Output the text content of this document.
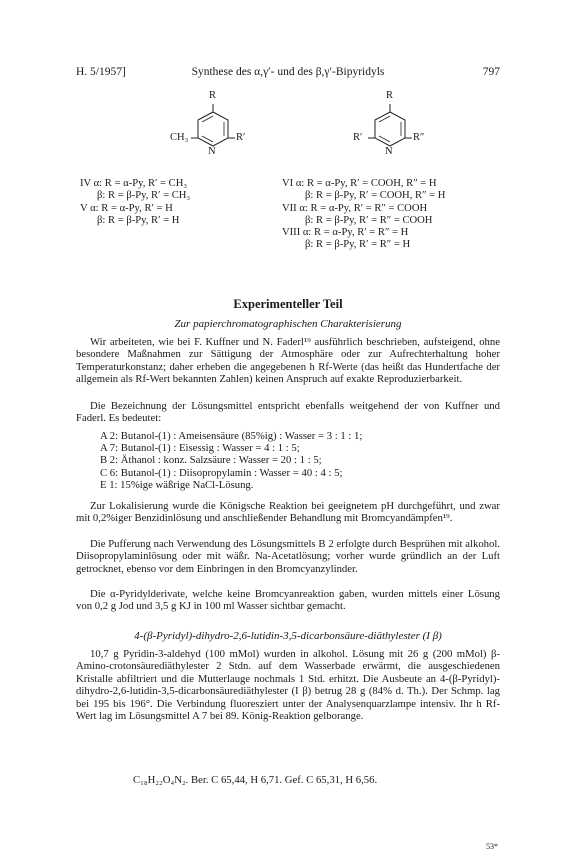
H. 5/1957]	Synthese des α,γ′- und des β,γ′-Bipyridyls	797
R
CH₃	R′
N
R
R′	R″
N
IV α: R = α-Py, R′ = CH₃
β: R = β-Py, R′ = CH₃
V α: R = α-Py, R′ = H
β: R = β-Py, R′ = H
VI α: R = α-Py, R′ = COOH, R″ = H
β: R = β-Py, R′ = COOH, R″ = H
VII α: R = α-Py, R′ = R″ = COOH
β: R = β-Py, R′ = R″ = COOH
VIII α: R = α-Py, R′ = R″ = H
β: R = β-Py, R′ = R″ = H
Experimenteller Teil
Zur papierchromatographischen Charakterisierung

Wir arbeiteten, wie bei F. Kuffner und N. Faderl¹⁹ ausführlich beschrieben, aufsteigend, ohne besondere Maßnahmen zur Sättigung der Atmosphäre oder zur Aufrechterhaltung hoher Temperaturkonstanz; daher erheben die angegebenen h Rf-Werte (das heißt das Hundertfache der allgemein als Rf-Wert bekannten Zahlen) keinen Anspruch auf exakte Reproduzierbarkeit.

Die Bezeichnung der Lösungsmittel entspricht ebenfalls weitgehend der von Kuffner und Faderl. Es bedeutet:

A 2: Butanol-(1) : Ameisensäure (85%ig) : Wasser = 3 : 1 : 1;
A 7: Butanol-(1) : Eisessig : Wasser = 4 : 1 : 5;
B 2: Äthanol : konz. Salzsäure : Wasser = 20 : 1 : 5;
C 6: Butanol-(1) : Diisopropylamin : Wasser = 40 : 4 : 5;
E 1: 15%ige wäßrige NaCl-Lösung.

Zur Lokalisierung wurde die Königsche Reaktion bei geeignetem pH durchgeführt, und zwar mit 0,2%iger Benzidinlösung und anschließender Behandlung mit Bromcyandämpfen¹⁹.

Die Pufferung nach Verwendung des Lösungsmittels B 2 erfolgte durch Besprühen mit alkohol. Diisopropylaminlösung oder mit wäßr. Na-Acetatlösung; vorher wurde gründlich an der Luft getrocknet, ebenso vor dem Einbringen in den Bromcyanzylinder.

Die α-Pyridylderivate, welche keine Bromcyanreaktion gaben, wurden mittels einer Lösung von 0,2 g Jod und 3,5 g KJ in 100 ml Wasser sichtbar gemacht.

4-(β-Pyridyl)-dihydro-2,6-lutidin-3,5-dicarbonsäure-diäthylester (I β)

10,7 g Pyridin-3-aldehyd (100 mMol) wurden in alkohol. Lösung mit 26 g (200 mMol) β-Amino-crotonsäurediäthylester 2 Stdn. auf dem Wasserbade erwärmt, die ausgeschiedenen Kristalle abfiltriert und die Mutterlauge nochmals 1 Std. erhitzt. Die Ausbeute an 4-(β-Pyridyl)-dihydro-2,6-lutidin-3,5-dicarbonsäurediäthylester (I β) betrug 28 g (84% d. Th.). Der Schmp. lag bei 195 bis 196°. Die Verbindung fluoresziert unter der Analysenquarzlampe intensiv. Ihr h Rf-Wert lag im Lösungsmittel A 7 bei 89. König-Reaktion gelborange.

C₁₈H₂₂O₄N₂. Ber. C 65,44, H 6,71. Gef. C 65,31, H 6,56.
53*
